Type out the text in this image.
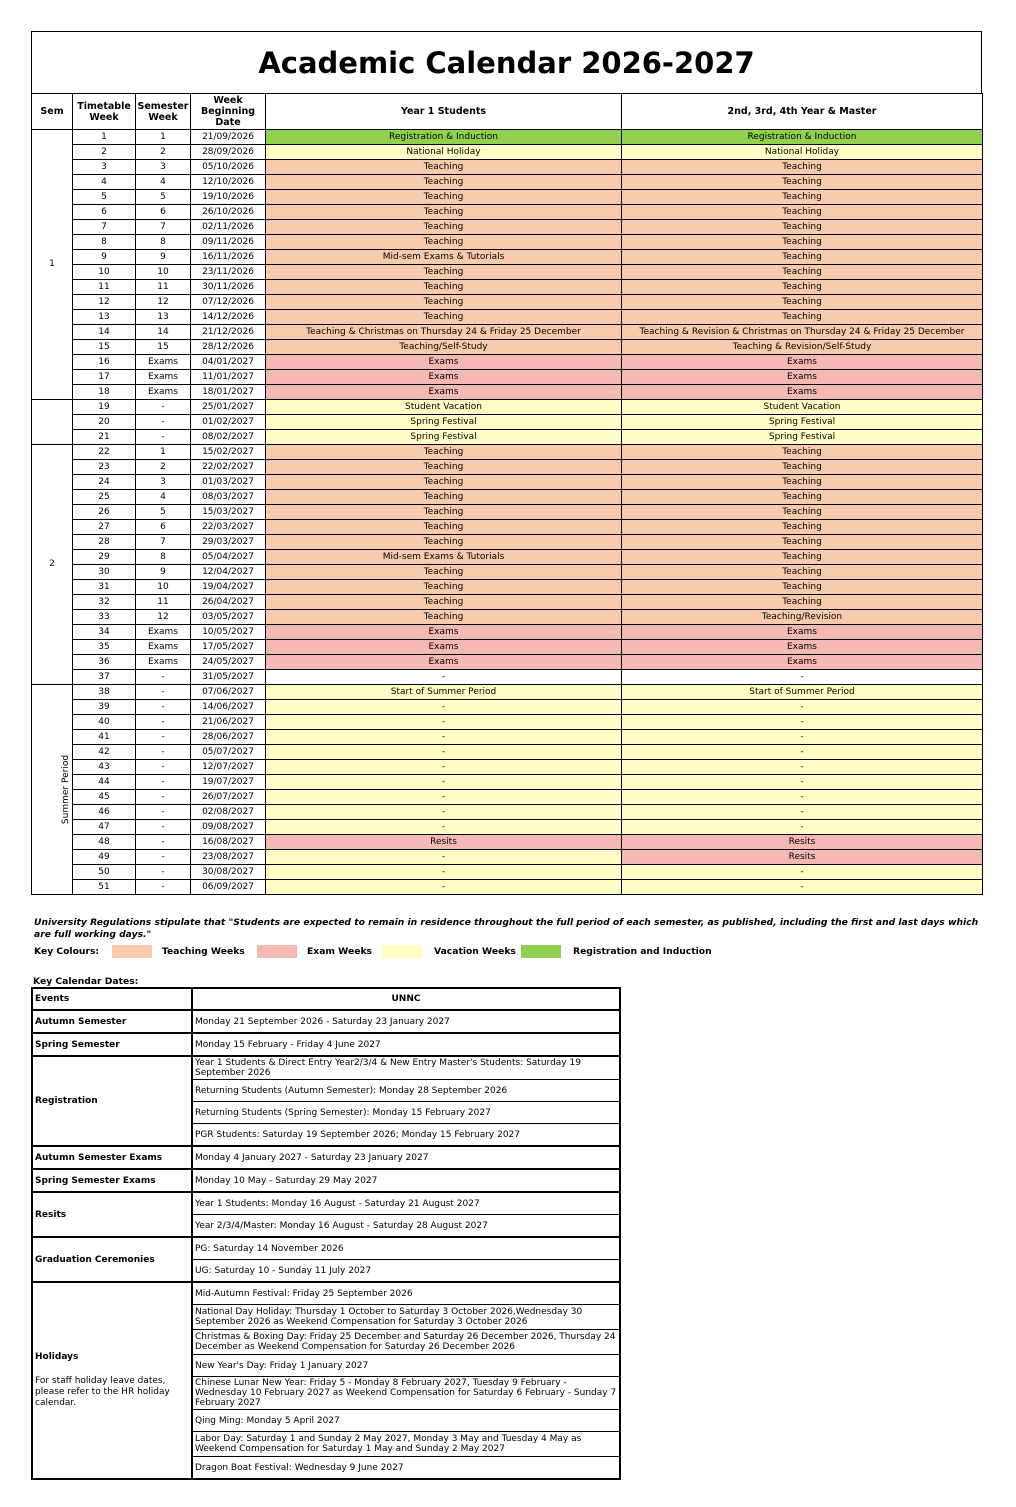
Academic Calendar 2026-2027
Sem	Timetable Week	Semester Week	Week Beginning Date	Year 1 Students	2nd, 3rd, 4th Year & Master
1	1	1	21/09/2026	Registration & Induction	Registration & Induction
	2	2	28/09/2026	National Holiday	National Holiday
	3	3	05/10/2026	Teaching	Teaching
	4	4	12/10/2026	Teaching	Teaching
	5	5	19/10/2026	Teaching	Teaching
	6	6	26/10/2026	Teaching	Teaching
	7	7	02/11/2026	Teaching	Teaching
	8	8	09/11/2026	Teaching	Teaching
	9	9	16/11/2026	Mid-sem Exams & Tutorials	Teaching
	10	10	23/11/2026	Teaching	Teaching
	11	11	30/11/2026	Teaching	Teaching
	12	12	07/12/2026	Teaching	Teaching
	13	13	14/12/2026	Teaching	Teaching
	14	14	21/12/2026	Teaching & Christmas on Thursday 24 & Friday 25 December	Teaching & Revision & Christmas on Thursday 24 & Friday 25 December
	15	15	28/12/2026	Teaching/Self-Study	Teaching & Revision/Self-Study
	16	Exams	04/01/2027	Exams	Exams
	17	Exams	11/01/2027	Exams	Exams
	18	Exams	18/01/2027	Exams	Exams
	19	-	25/01/2027	Student Vacation	Student Vacation
	20	-	01/02/2027	Spring Festival	Spring Festival
	21	-	08/02/2027	Spring Festival	Spring Festival
2	22	1	15/02/2027	Teaching	Teaching
	23	2	22/02/2027	Teaching	Teaching
	24	3	01/03/2027	Teaching	Teaching
	25	4	08/03/2027	Teaching	Teaching
	26	5	15/03/2027	Teaching	Teaching
	27	6	22/03/2027	Teaching	Teaching
	28	7	29/03/2027	Teaching	Teaching
	29	8	05/04/2027	Mid-sem Exams & Tutorials	Teaching
	30	9	12/04/2027	Teaching	Teaching
	31	10	19/04/2027	Teaching	Teaching
	32	11	26/04/2027	Teaching	Teaching
	33	12	03/05/2027	Teaching	Teaching/Revision
	34	Exams	10/05/2027	Exams	Exams
	35	Exams	17/05/2027	Exams	Exams
	36	Exams	24/05/2027	Exams	Exams
	37	-	31/05/2027	-	-
Summer Period	38	-	07/06/2027	Start of Summer Period	Start of Summer Period
	39	-	14/06/2027	-	-
	40	-	21/06/2027	-	-
	41	-	28/06/2027	-	-
	42	-	05/07/2027	-	-
	43	-	12/07/2027	-	-
	44	-	19/07/2027	-	-
	45	-	26/07/2027	-	-
	46	-	02/08/2027	-	-
	47	-	09/08/2027	-	-
	48	-	16/08/2027	Resits	Resits
	49	-	23/08/2027	-	Resits
	50	-	30/08/2027	-	-
	51	-	06/09/2027	-	-
University Regulations stipulate that "Students are expected to remain in residence throughout the full period of each semester, as published, including the first and last days which are full working days."
Key Colours:	Teaching Weeks	Exam Weeks	Vacation Weeks	Registration and Induction
Key Calendar Dates:
Events	UNNC
Autumn Semester	Monday 21 September 2026 - Saturday 23 January 2027
Spring Semester	Monday 15 February - Friday 4 June 2027
Registration	Year 1 Students & Direct Entry Year2/3/4 & New Entry Master's Students: Saturday 19 September 2026
	Returning Students (Autumn Semester): Monday 28 September 2026
	Returning Students (Spring Semester): Monday 15 February 2027
	PGR Students: Saturday 19 September 2026; Monday 15 February 2027
Autumn Semester Exams	Monday 4 January 2027 - Saturday 23 January 2027
Spring Semester Exams	Monday 10 May - Saturday 29 May 2027
Resits	Year 1 Students: Monday 16 August - Saturday 21 August 2027
	Year 2/3/4/Master: Monday 16 August - Saturday 28 August 2027
Graduation Ceremonies	PG: Saturday 14 November 2026
	UG: Saturday 10 - Sunday 11 July 2027
Holidays
For staff holiday leave dates, please refer to the HR holiday calendar.	Mid-Autumn Festival: Friday 25 September 2026
	National Day Holiday: Thursday 1 October to Saturday 3 October 2026,Wednesday 30 September 2026 as Weekend Compensation for Saturday 3 October 2026
	Christmas & Boxing Day: Friday 25 December and Saturday 26 December 2026, Thursday 24 December as Weekend Compensation for Saturday 26 December 2026
	New Year's Day: Friday 1 January 2027
	Chinese Lunar New Year: Friday 5 - Monday 8 February 2027, Tuesday 9 February - Wednesday 10 February 2027 as Weekend Compensation for Saturday 6 February - Sunday 7 February 2027
	Qing Ming: Monday 5 April 2027
	Labor Day: Saturday 1 and Sunday 2 May 2027, Monday 3 May and Tuesday 4 May as Weekend Compensation for Saturday 1 May and Sunday 2 May 2027
	Dragon Boat Festival: Wednesday 9 June 2027
